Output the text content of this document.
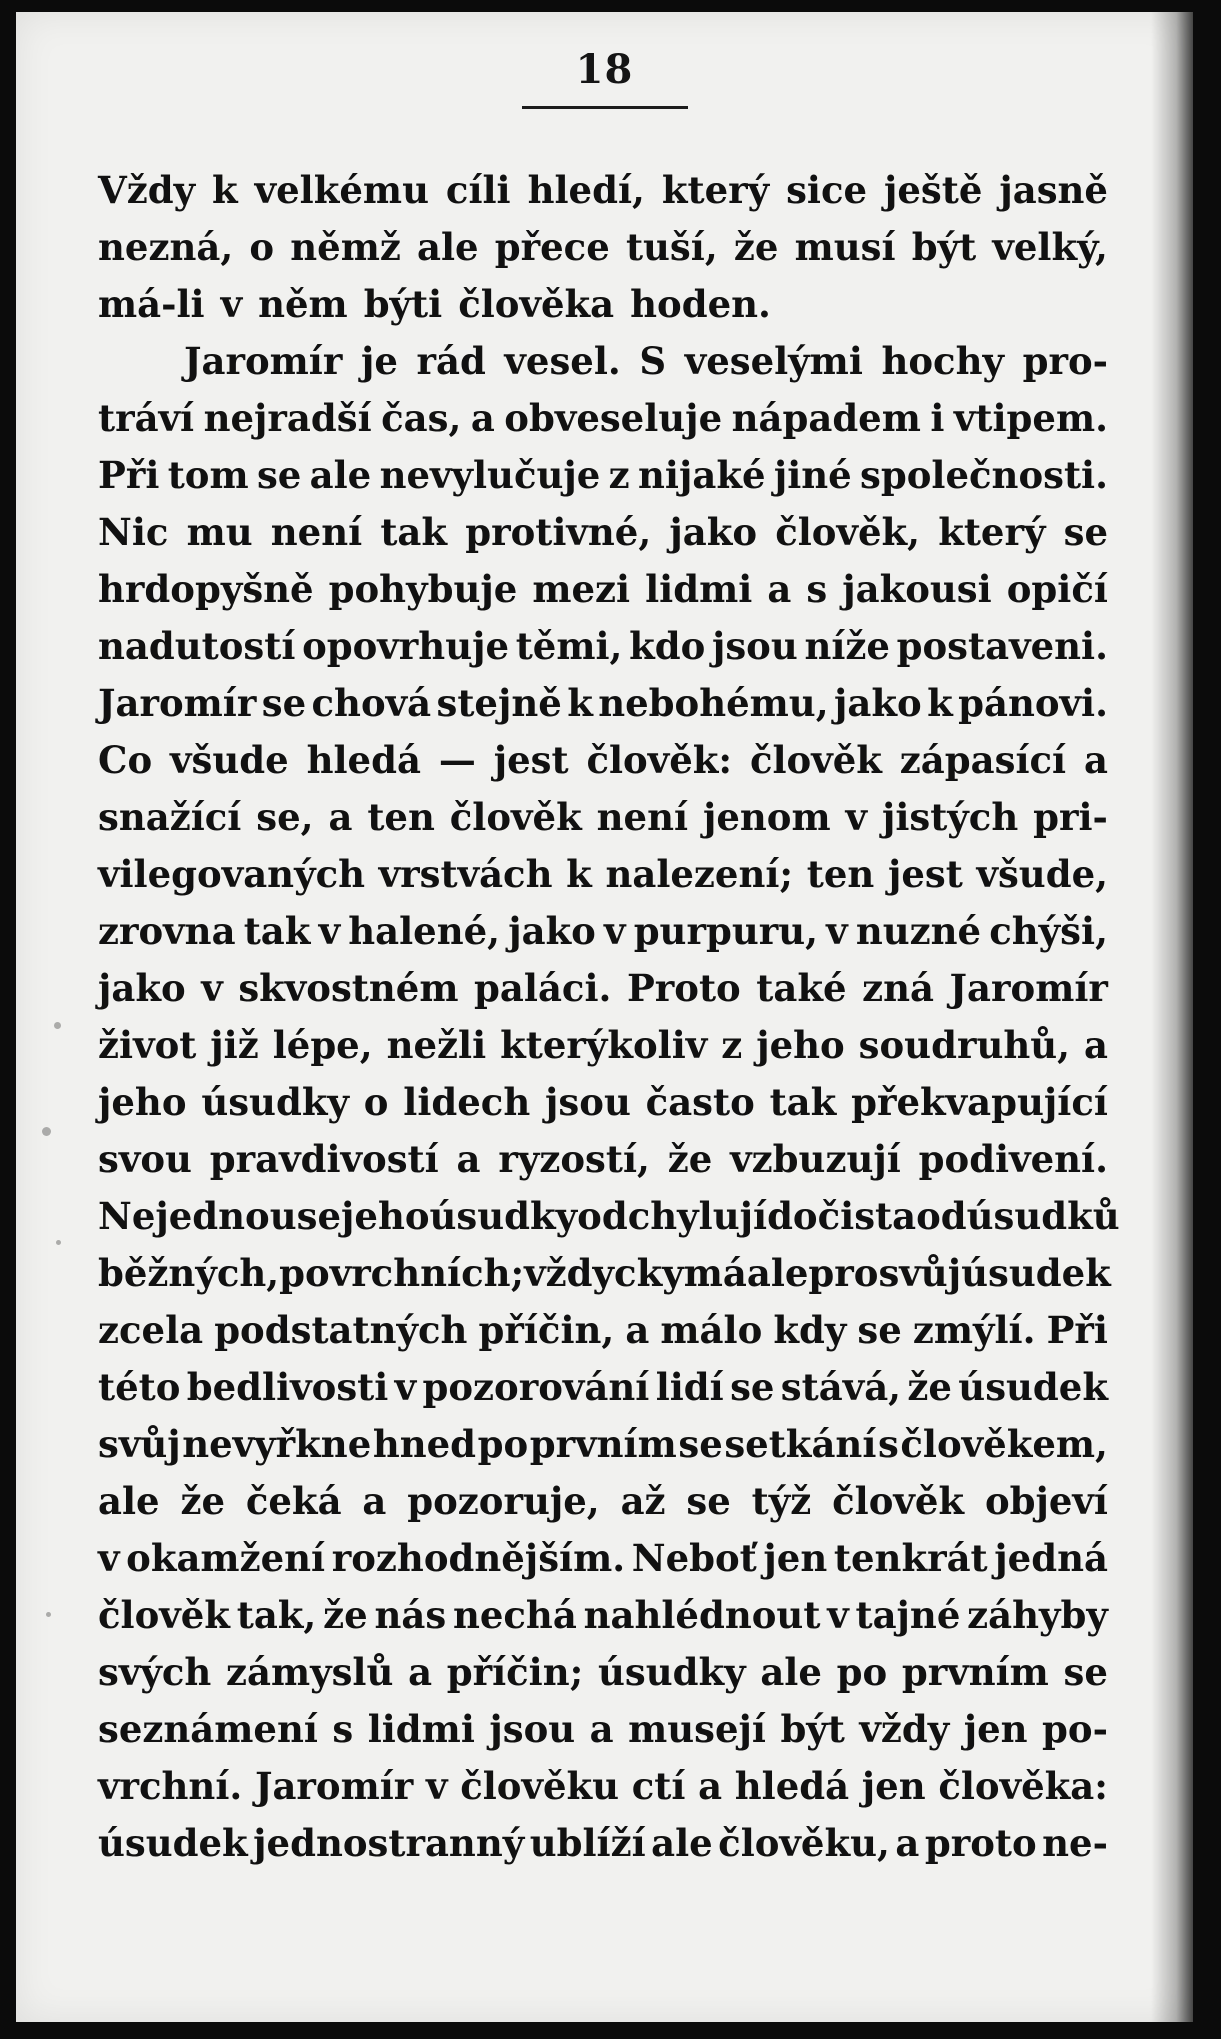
18
Vždy k velkému cíli hledí, který sice ještě jasně
nezná, o němž ale přece tuší, že musí být velký,
má-li v něm býti člověka hoden.
Jaromír je rád vesel. S veselými hochy pro-
tráví nejradší čas, a obveseluje nápadem i vtipem.
Při tom se ale nevylučuje z nijaké jiné společnosti.
Nic mu není tak protivné, jako člověk, který se
hrdopyšně pohybuje mezi lidmi a s jakousi opičí
nadutostí opovrhuje těmi, kdo jsou níže postaveni.
Jaromír se chová stejně k nebohému, jako k pánovi.
Co všude hledá — jest člověk: člověk zápasící a
snažící se, a ten člověk není jenom v jistých pri-
vilegovaných vrstvách k nalezení; ten jest všude,
zrovna tak v halené, jako v purpuru, v nuzné chýši,
jako v skvostném paláci. Proto také zná Jaromír
život již lépe, nežli kterýkoliv z jeho soudruhů, a
jeho úsudky o lidech jsou často tak překvapující
svou pravdivostí a ryzostí, že vzbuzují podivení.
Nejednou se jeho úsudky odchylují dočista od úsudků
běžných, povrchních; vždycky má ale pro svůj úsudek
zcela podstatných příčin, a málo kdy se zmýlí. Při
této bedlivosti v pozorování lidí se stává, že úsudek
svůj nevyřkne hned po prvním se setkání s člověkem,
ale že čeká a pozoruje, až se týž člověk objeví
v okamžení rozhodnějším. Neboť jen tenkrát jedná
člověk tak, že nás nechá nahlédnout v tajné záhyby
svých zámyslů a příčin; úsudky ale po prvním se
seznámení s lidmi jsou a musejí být vždy jen po-
vrchní. Jaromír v člověku ctí a hledá jen člověka:
úsudek jednostranný ublíží ale člověku, a proto ne-
